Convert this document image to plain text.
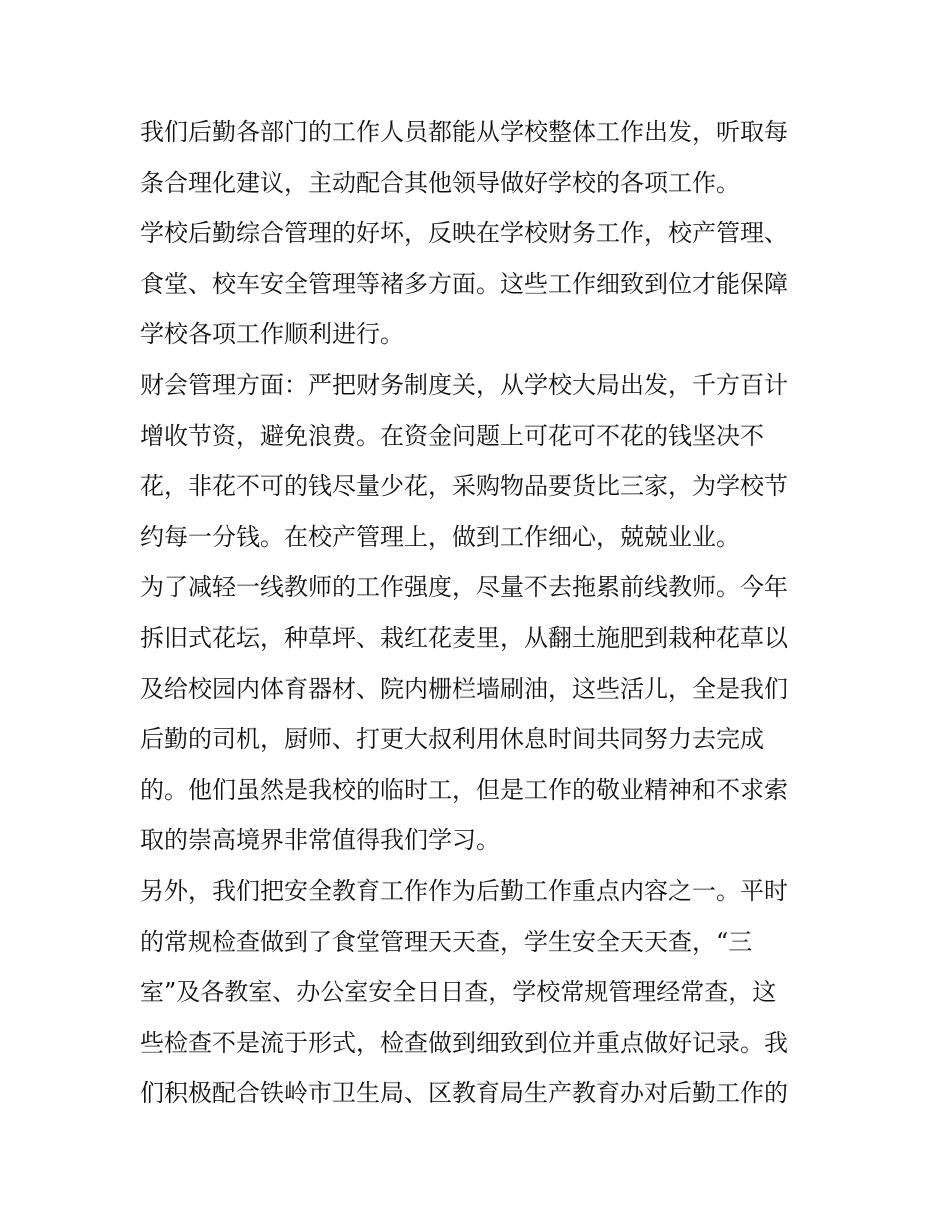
我们后勤各部门的工作人员都能从学校整体工作出发，听取每
条合理化建议，主动配合其他领导做好学校的各项工作。
学校后勤综合管理的好坏，反映在学校财务工作，校产管理、
食堂、校车安全管理等褚多方面。这些工作细致到位才能保障
学校各项工作顺利进行。
财会管理方面：严把财务制度关，从学校大局出发，千方百计
增收节资，避免浪费。在资金问题上可花可不花的钱坚决不
花，非花不可的钱尽量少花，采购物品要货比三家，为学校节
约每一分钱。在校产管理上，做到工作细心，兢兢业业。
为了减轻一线教师的工作强度，尽量不去拖累前线教师。今年
拆旧式花坛，种草坪、栽红花麦里，从翻土施肥到栽种花草以
及给校园内体育器材、院内栅栏墙刷油，这些活儿，全是我们
后勤的司机，厨师、打更大叔利用休息时间共同努力去完成
的。他们虽然是我校的临时工，但是工作的敬业精神和不求索
取的崇高境界非常值得我们学习。
另外，我们把安全教育工作作为后勤工作重点内容之一。平时
的常规检查做到了食堂管理天天查，学生安全天天查，“三
室”及各教室、办公室安全日日查，学校常规管理经常查，这
些检查不是流于形式，检查做到细致到位并重点做好记录。我
们积极配合铁岭市卫生局、区教育局生产教育办对后勤工作的
